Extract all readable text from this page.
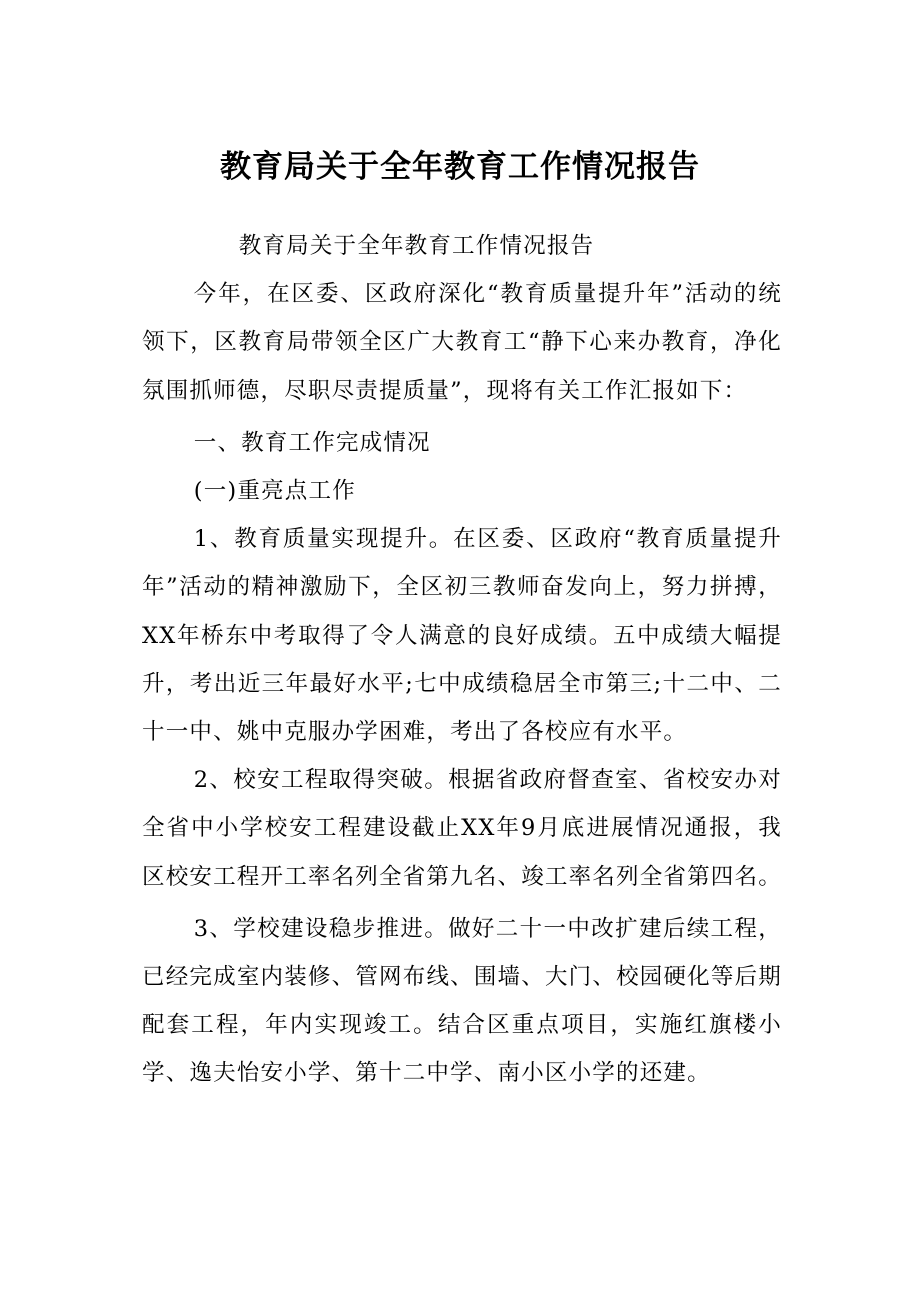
教育局关于全年教育工作情况报告

教育局关于全年教育工作情况报告

今年，在区委、区政府深化“教育质量提升年”活动的统领下，区教育局带领全区广大教育工“静下心来办教育，净化氛围抓师德，尽职尽责提质量”，现将有关工作汇报如下：

一、教育工作完成情况

(一)重亮点工作

1、教育质量实现提升。在区委、区政府“教育质量提升年”活动的精神激励下，全区初三教师奋发向上，努力拼搏，XX年桥东中考取得了令人满意的良好成绩。五中成绩大幅提升，考出近三年最好水平;七中成绩稳居全市第三;十二中、二十一中、姚中克服办学困难，考出了各校应有水平。

2、校安工程取得突破。根据省政府督查室、省校安办对全省中小学校安工程建设截止XX年9月底进展情况通报，我区校安工程开工率名列全省第九名、竣工率名列全省第四名。

3、学校建设稳步推进。做好二十一中改扩建后续工程，已经完成室内装修、管网布线、围墙、大门、校园硬化等后期配套工程，年内实现竣工。结合区重点项目，实施红旗楼小学、逸夫怡安小学、第十二中学、南小区小学的还建。
